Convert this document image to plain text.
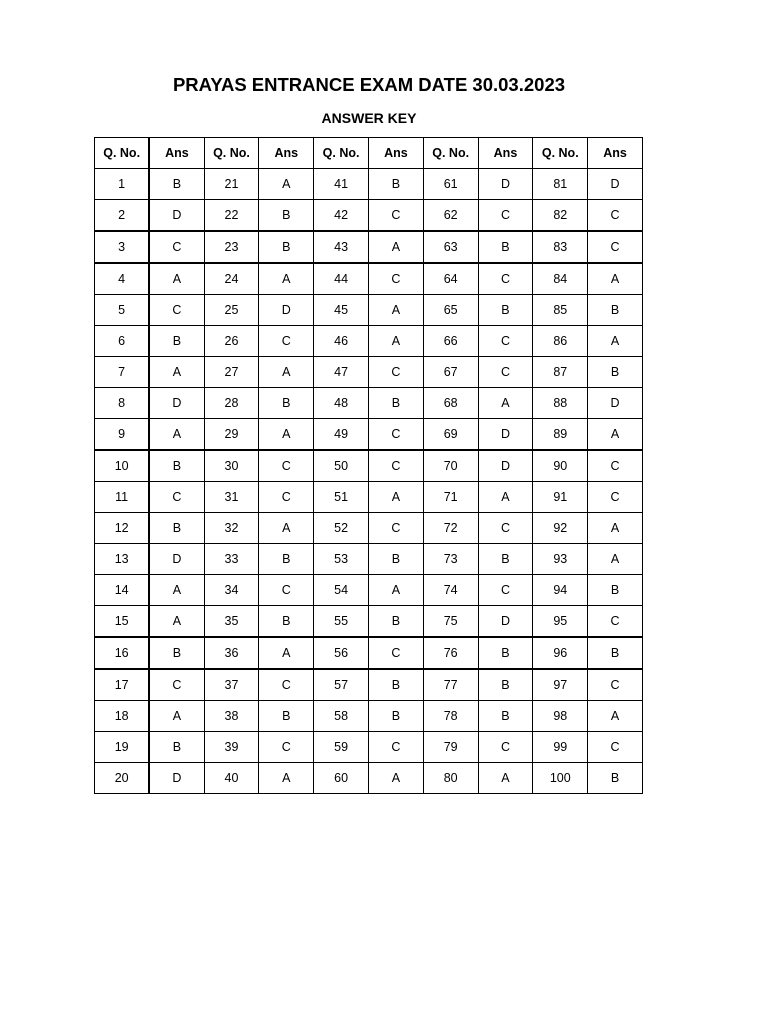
PRAYAS ENTRANCE EXAM DATE 30.03.2023
ANSWER KEY
Q. No.	Ans	Q. No.	Ans	Q. No.	Ans	Q. No.	Ans	Q. No.	Ans
1	B	21	A	41	B	61	D	81	D
2	D	22	B	42	C	62	C	82	C
3	C	23	B	43	A	63	B	83	C
4	A	24	A	44	C	64	C	84	A
5	C	25	D	45	A	65	B	85	B
6	B	26	C	46	A	66	C	86	A
7	A	27	A	47	C	67	C	87	B
8	D	28	B	48	B	68	A	88	D
9	A	29	A	49	C	69	D	89	A
10	B	30	C	50	C	70	D	90	C
11	C	31	C	51	A	71	A	91	C
12	B	32	A	52	C	72	C	92	A
13	D	33	B	53	B	73	B	93	A
14	A	34	C	54	A	74	C	94	B
15	A	35	B	55	B	75	D	95	C
16	B	36	A	56	C	76	B	96	B
17	C	37	C	57	B	77	B	97	C
18	A	38	B	58	B	78	B	98	A
19	B	39	C	59	C	79	C	99	C
20	D	40	A	60	A	80	A	100	B
